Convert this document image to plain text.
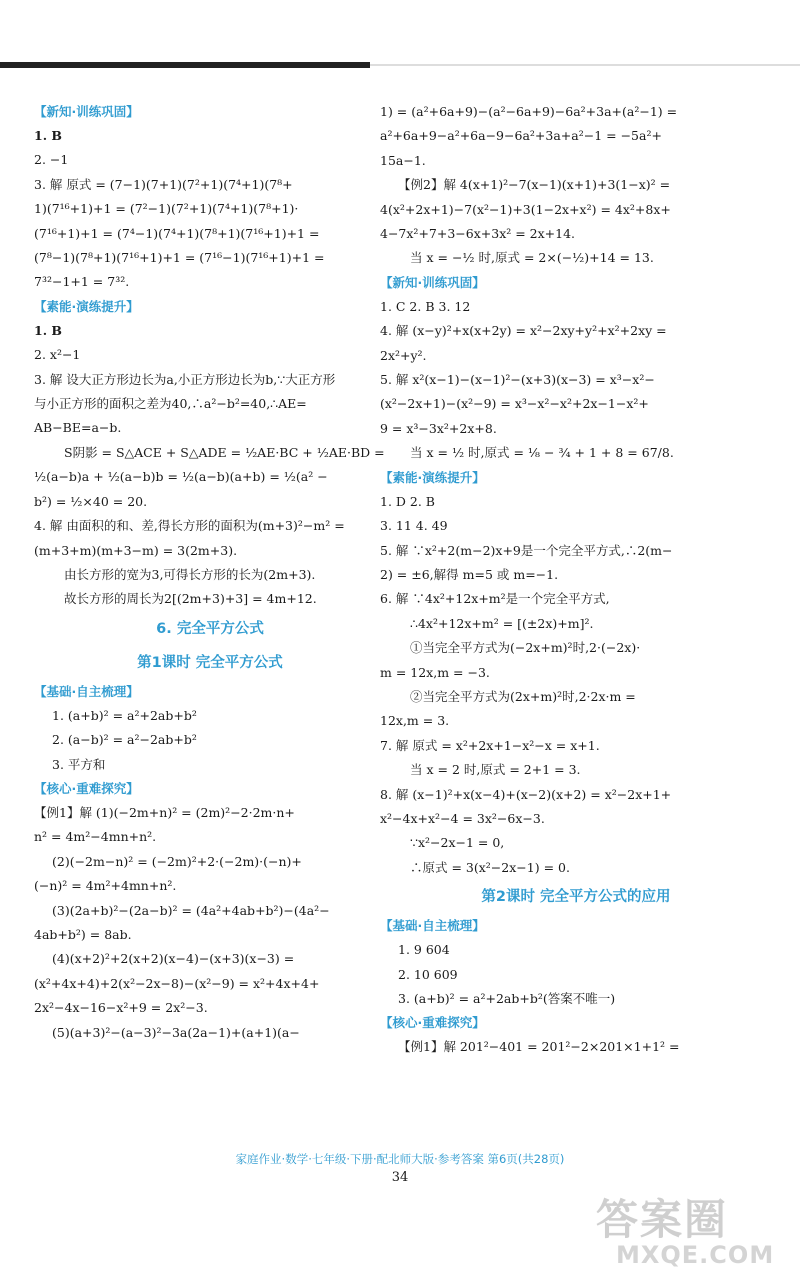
【新知·训练巩固】
1. B
2. −1
3. 解 原式 = (7−1)(7+1)(7²+1)(7⁴+1)(7⁸+
1)(7¹⁶+1)+1 = (7²−1)(7²+1)(7⁴+1)(7⁸+1)·
(7¹⁶+1)+1 = (7⁴−1)(7⁴+1)(7⁸+1)(7¹⁶+1)+1 =
(7⁸−1)(7⁸+1)(7¹⁶+1)+1 = (7¹⁶−1)(7¹⁶+1)+1 =
7³²−1+1 = 7³².
【素能·演练提升】
1. B
2. x²−1
3. 解 设大正方形边长为a,小正方形边长为b,∵大正方形
与小正方形的面积之差为40,∴a²−b²=40,∴AE=
AB−BE=a−b.
S阴影 = S△ACE + S△ADE = ½AE·BC + ½AE·BD =
½(a−b)a + ½(a−b)b = ½(a−b)(a+b) = ½(a² −
b²) = ½×40 = 20.
4. 解 由面积的和、差,得长方形的面积为(m+3)²−m² =
(m+3+m)(m+3−m) = 3(2m+3).
由长方形的宽为3,可得长方形的长为(2m+3).
故长方形的周长为2[(2m+3)+3] = 4m+12.
6. 完全平方公式
第1课时 完全平方公式
【基础·自主梳理】
1. (a+b)² = a²+2ab+b²
2. (a−b)² = a²−2ab+b²
3. 平方和
【核心·重难探究】
【例1】解 (1)(−2m+n)² = (2m)²−2·2m·n+
n² = 4m²−4mn+n².
(2)(−2m−n)² = (−2m)²+2·(−2m)·(−n)+
(−n)² = 4m²+4mn+n².
(3)(2a+b)²−(2a−b)² = (4a²+4ab+b²)−(4a²−
4ab+b²) = 8ab.
(4)(x+2)²+2(x+2)(x−4)−(x+3)(x−3) =
(x²+4x+4)+2(x²−2x−8)−(x²−9) = x²+4x+4+
2x²−4x−16−x²+9 = 2x²−3.
(5)(a+3)²−(a−3)²−3a(2a−1)+(a+1)(a−
1) = (a²+6a+9)−(a²−6a+9)−6a²+3a+(a²−1) =
a²+6a+9−a²+6a−9−6a²+3a+a²−1 = −5a²+
15a−1.
【例2】解 4(x+1)²−7(x−1)(x+1)+3(1−x)² =
4(x²+2x+1)−7(x²−1)+3(1−2x+x²) = 4x²+8x+
4−7x²+7+3−6x+3x² = 2x+14.
当 x = −½ 时,原式 = 2×(−½)+14 = 13.
【新知·训练巩固】
1. C 2. B 3. 12
4. 解 (x−y)²+x(x+2y) = x²−2xy+y²+x²+2xy =
2x²+y².
5. 解 x²(x−1)−(x−1)²−(x+3)(x−3) = x³−x²−
(x²−2x+1)−(x²−9) = x³−x²−x²+2x−1−x²+
9 = x³−3x²+2x+8.
当 x = ½ 时,原式 = ⅛ − ¾ + 1 + 8 = 67/8.
【素能·演练提升】
1. D 2. B
3. 11 4. 49
5. 解 ∵x²+2(m−2)x+9是一个完全平方式,∴2(m−
2) = ±6,解得 m=5 或 m=−1.
6. 解 ∵4x²+12x+m²是一个完全平方式,
∴4x²+12x+m² = [(±2x)+m]².
①当完全平方式为(−2x+m)²时,2·(−2x)·
m = 12x,m = −3.
②当完全平方式为(2x+m)²时,2·2x·m =
12x,m = 3.
7. 解 原式 = x²+2x+1−x²−x = x+1.
当 x = 2 时,原式 = 2+1 = 3.
8. 解 (x−1)²+x(x−4)+(x−2)(x+2) = x²−2x+1+
x²−4x+x²−4 = 3x²−6x−3.
∵x²−2x−1 = 0,
∴原式 = 3(x²−2x−1) = 0.
第2课时 完全平方公式的应用
【基础·自主梳理】
1. 9 604
2. 10 609
3. (a+b)² = a²+2ab+b²(答案不唯一)
【核心·重难探究】
【例1】解 201²−401 = 201²−2×201×1+1² =
家庭作业·数学·七年级·下册·配北师大版·参考答案 第6页(共28页)
34
答案圈
MXQE.COM
